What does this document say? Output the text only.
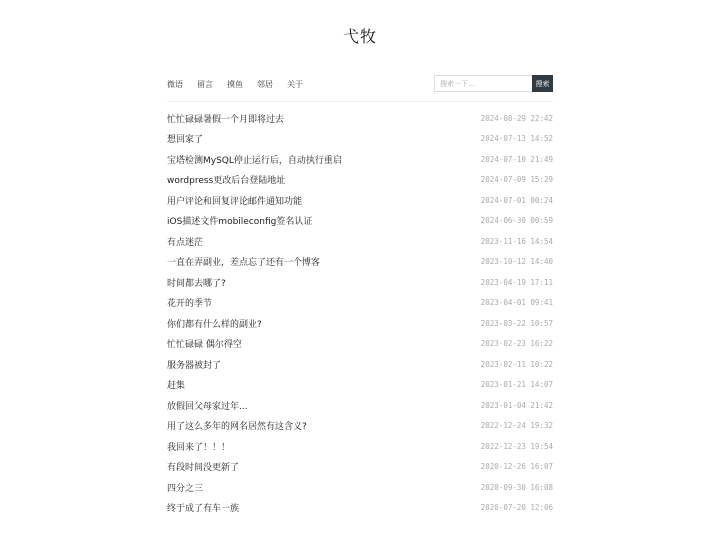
弋牧
微语 留言 摸鱼 邻居 关于
搜索一下...	搜索
忙忙碌碌暑假一个月即将过去	2024-08-29 22:42
想回家了	2024-07-13 14:52
宝塔检测MySQL停止运行后，自动执行重启	2024-07-10 21:49
wordpress更改后台登陆地址	2024-07-09 15:29
用户评论和回复评论邮件通知功能	2024-07-01 00:24
iOS描述文件mobileconfig签名认证	2024-06-30 00:59
有点迷茫	2023-11-16 14:54
一直在弄副业，差点忘了还有一个博客	2023-10-12 14:40
时间都去哪了?	2023-04-19 17:11
花开的季节	2023-04-01 09:41
你们都有什么样的副业?	2023-03-22 10:57
忙忙碌碌 偶尔得空	2023-02-23 16:22
服务器被封了	2023-02-11 10:22
赶集	2023-01-21 14:07
放假回父母家过年...	2023-01-04 21:42
用了这么多年的网名居然有这含义?	2022-12-24 19:32
我回来了！！！	2022-12-23 19:54
有段时间没更新了	2020-12-26 16:07
四分之三	2020-09-30 16:08
终于成了有车一族	2020-07-20 12:06
